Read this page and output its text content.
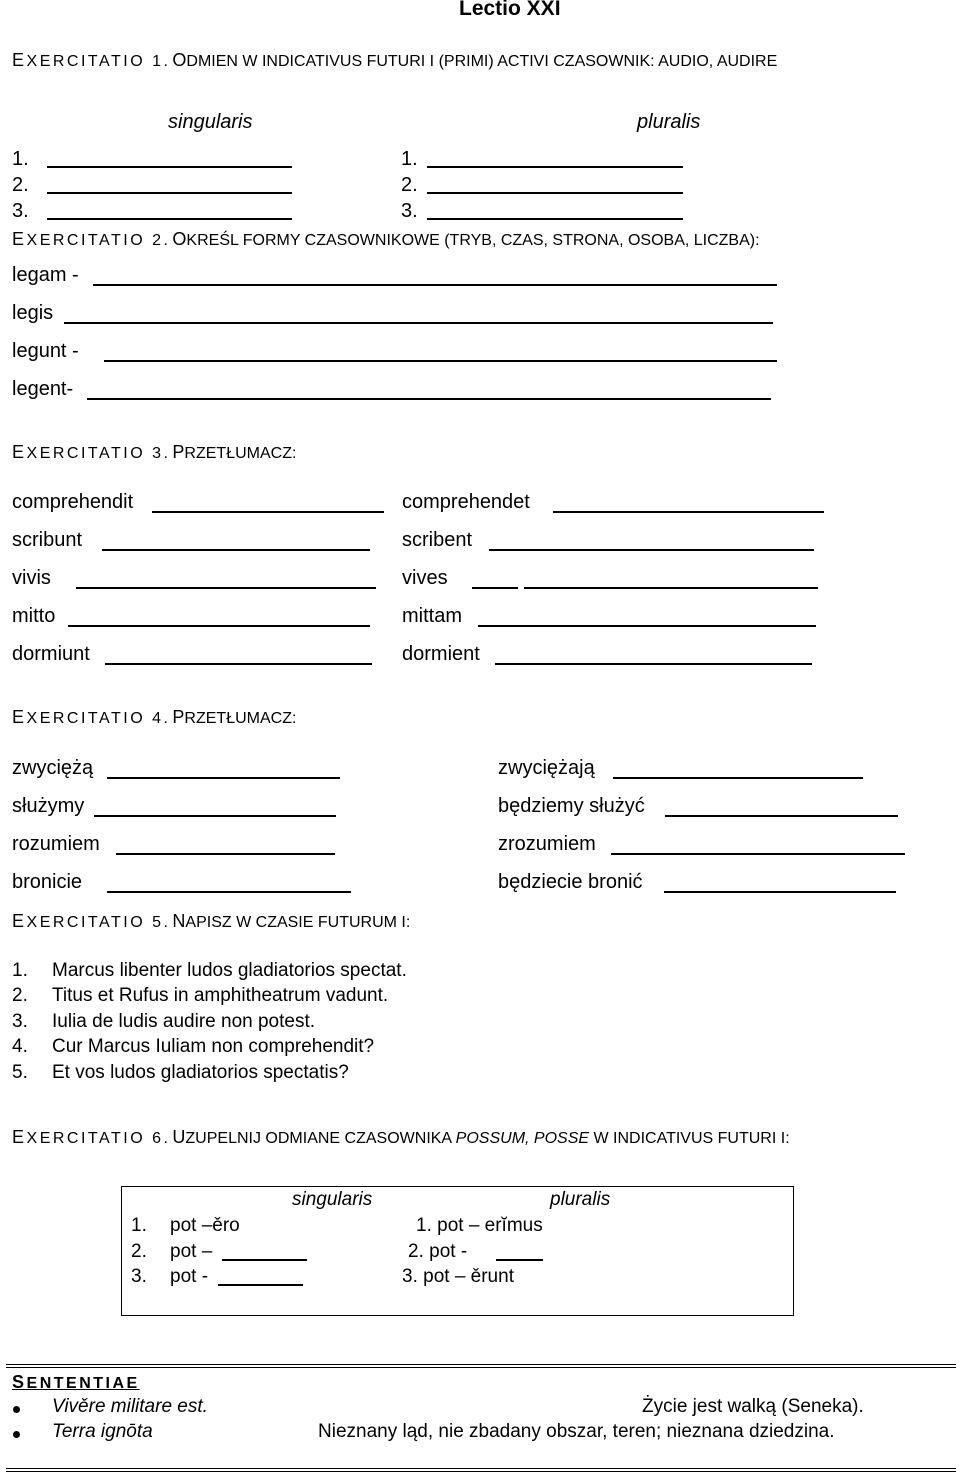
Lectio XXI
EXERCITATIO 1. ODMIEN W INDICATIVUS FUTURI I (PRIMI) ACTIVI CZASOWNIK: AUDIO, AUDIRE
singularis	pluralis
1.	1.
2.	2.
3.	3.
EXERCITATIO 2. OKREŚL FORMY CZASOWNIKOWE (TRYB, CZAS, STRONA, OSOBA, LICZBA):
legam -
legis
legunt -
legent-
EXERCITATIO 3. PRZETŁUMACZ:
comprehendit	comprehendet
scribunt	scribent
vivis	vives
mitto	mittam
dormiunt	dormient
EXERCITATIO 4. PRZETŁUMACZ:
zwyciężą	zwyciężają
służymy	będziemy służyć
rozumiem	zrozumiem
bronicie	będziecie bronić
EXERCITATIO 5. NAPISZ W CZASIE FUTURUM I:
1. Marcus libenter ludos gladiatorios spectat.
2. Titus et Rufus in amphitheatrum vadunt.
3. Iulia de ludis audire non potest.
4. Cur Marcus Iuliam non comprehendit?
5. Et vos ludos gladiatorios spectatis?
EXERCITATIO 6. UZUPELNIJ ODMIANE CZASOWNIKA POSSUM, POSSE W INDICATIVUS FUTURI I:
singularis	pluralis
1. pot –ěro	1. pot – erĭmus
2. pot –	2. pot -
3. pot -	3. pot – ěrunt
SENTENTIAE
Vivěre militare est.	Życie jest walką (Seneka).
Terra ignōta	Nieznany ląd, nie zbadany obszar, teren; nieznana dziedzina.
